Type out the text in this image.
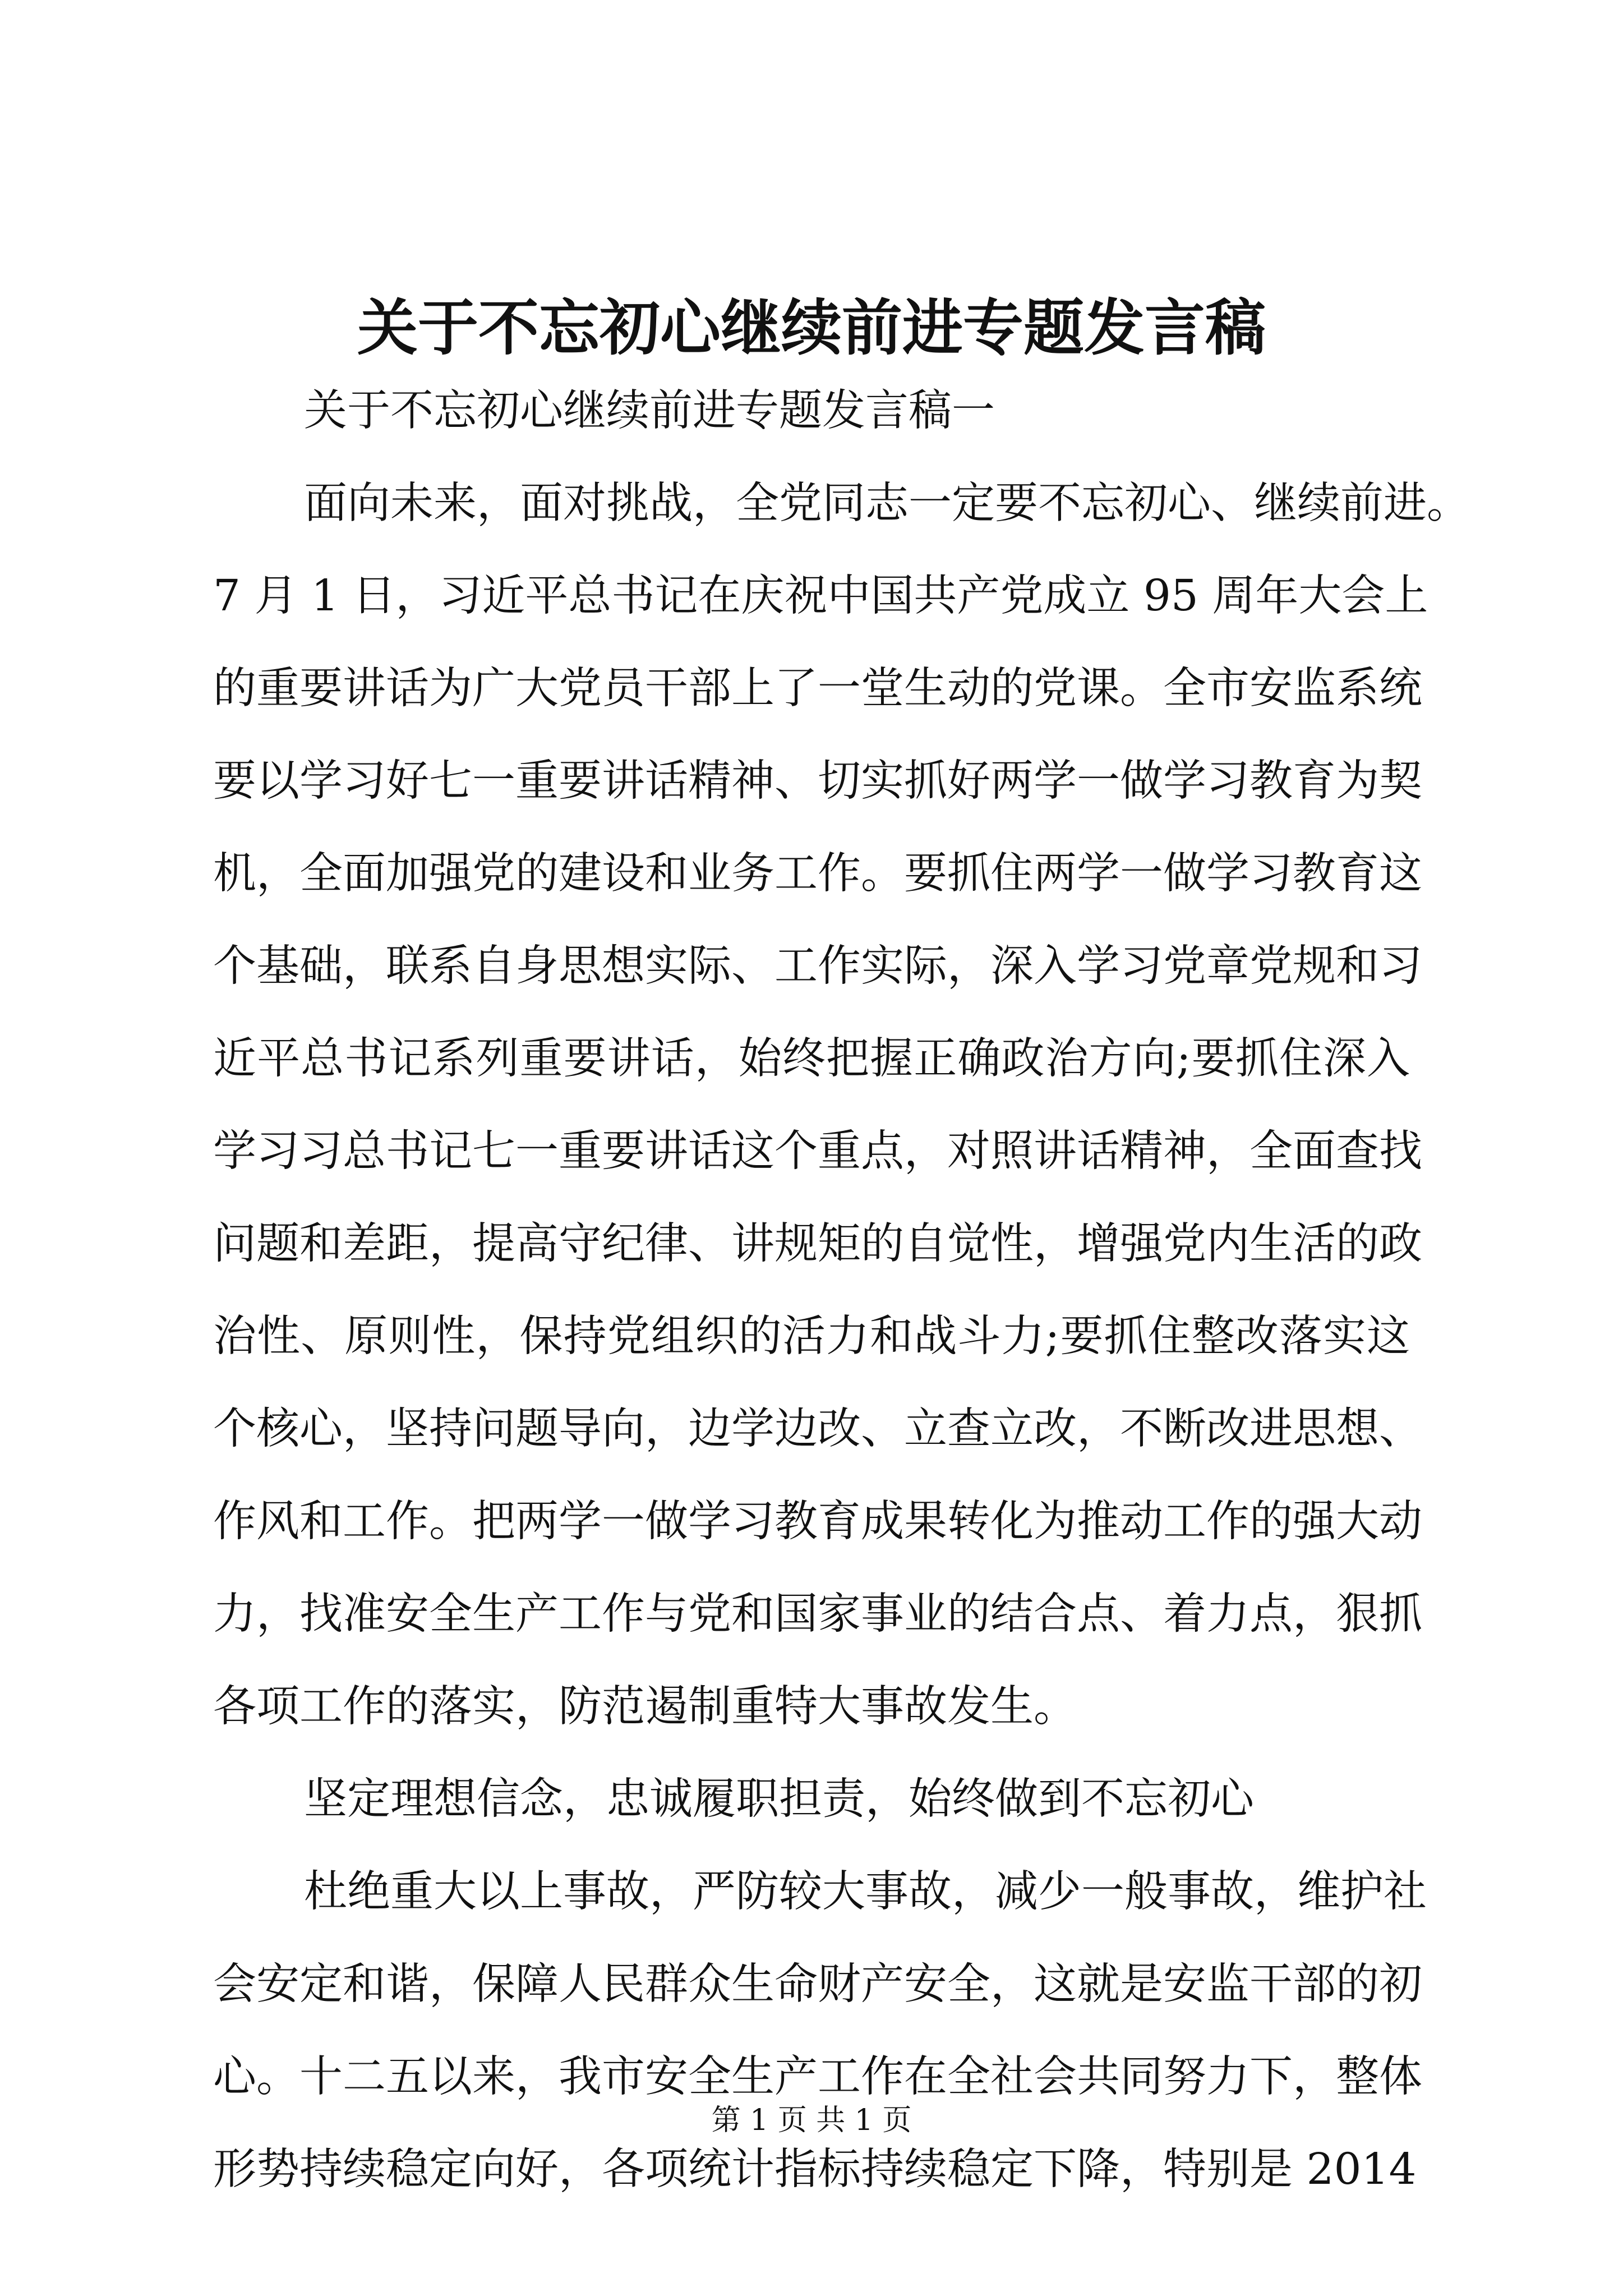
关于不忘初心继续前进专题发言稿
关于不忘初心继续前进专题发言稿一
面向未来，面对挑战，全党同志一定要不忘初心、继续前进。
7 月 1 日，习近平总书记在庆祝中国共产党成立 95 周年大会上
的重要讲话为广大党员干部上了一堂生动的党课。全市安监系统
要以学习好七一重要讲话精神、切实抓好两学一做学习教育为契
机，全面加强党的建设和业务工作。要抓住两学一做学习教育这
个基础，联系自身思想实际、工作实际，深入学习党章党规和习
近平总书记系列重要讲话，始终把握正确政治方向;要抓住深入
学习习总书记七一重要讲话这个重点，对照讲话精神，全面查找
问题和差距，提高守纪律、讲规矩的自觉性，增强党内生活的政
治性、原则性，保持党组织的活力和战斗力;要抓住整改落实这
个核心，坚持问题导向，边学边改、立查立改，不断改进思想、
作风和工作。把两学一做学习教育成果转化为推动工作的强大动
力，找准安全生产工作与党和国家事业的结合点、着力点，狠抓
各项工作的落实，防范遏制重特大事故发生。
坚定理想信念，忠诚履职担责，始终做到不忘初心
杜绝重大以上事故，严防较大事故，减少一般事故，维护社
会安定和谐，保障人民群众生命财产安全，这就是安监干部的初
心。十二五以来，我市安全生产工作在全社会共同努力下，整体
形势持续稳定向好，各项统计指标持续稳定下降，特别是 2014
第 1 页 共 1 页
